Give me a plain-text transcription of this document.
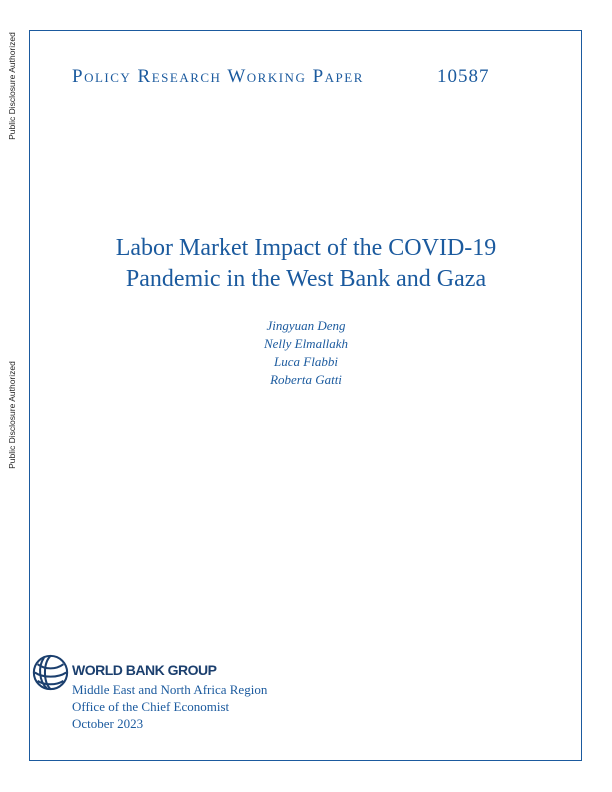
Public Disclosure Authorized
Public Disclosure Authorized
Policy Research Working Paper	10587
Labor Market Impact of the COVID-19
Pandemic in the West Bank and Gaza
Jingyuan Deng
Nelly Elmallakh
Luca Flabbi
Roberta Gatti
WORLD BANK GROUP
Middle East and North Africa Region
Office of the Chief Economist
October 2023
